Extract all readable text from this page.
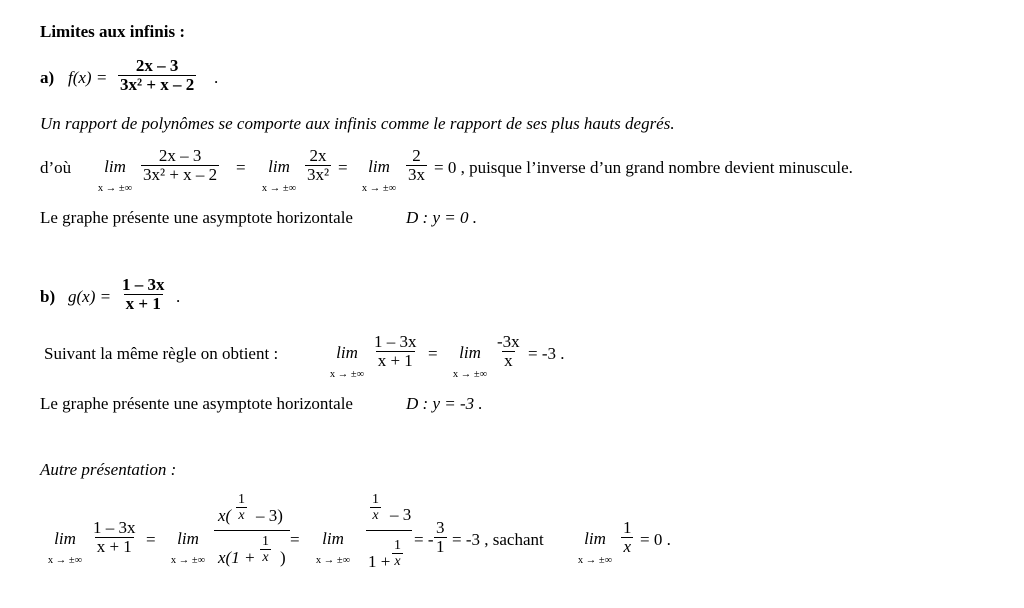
Limites aux infinis :
a) $f(x) = \frac{2x - 3}{\text{3x² + x – 2}}$ .
Un rapport de polynômes se comporte aux infinis comme le rapport de ses plus hauts degrés.
d’où	lim
x → ±∞
$\frac{2x - 3}{\text{3x² + x – 2}}$ =	lim
x → ±∞
$\frac{2x}{\text{3x²}}$ =	lim
x → ±∞
$\frac{2}{3x} = 0$ , puisque l’inverse d’un grand nombre devient minuscule.
Le graphe présente une asymptote horizontale	D : y = 0 .
b) $g(x) = \frac{1 - 3x}{x + 1}$ .
Suivant la même règle on obtient :	lim
x → ±∞
$\frac{1 - 3x}{x + 1}$ =	lim
x → ±∞
$\frac{-3x}{x} = -3$ .
Le graphe présente une asymptote horizontale	D : y = -3 .
Autre présentation :
lim
x → ±∞
$\frac{1 - 3x}{x + 1}$ =	lim
x → ±∞
$x( \frac{1}{x} - 3)$
$x(1 + \frac{1}{x}$ )
=	lim
x → ±∞
$\frac{1}{x} - 3$
$1 + \frac{1}{x}$ = - $\frac{3}{1} = -3$ , sachant	lim
x → ±∞
$\frac{1}{x} = 0$ .
